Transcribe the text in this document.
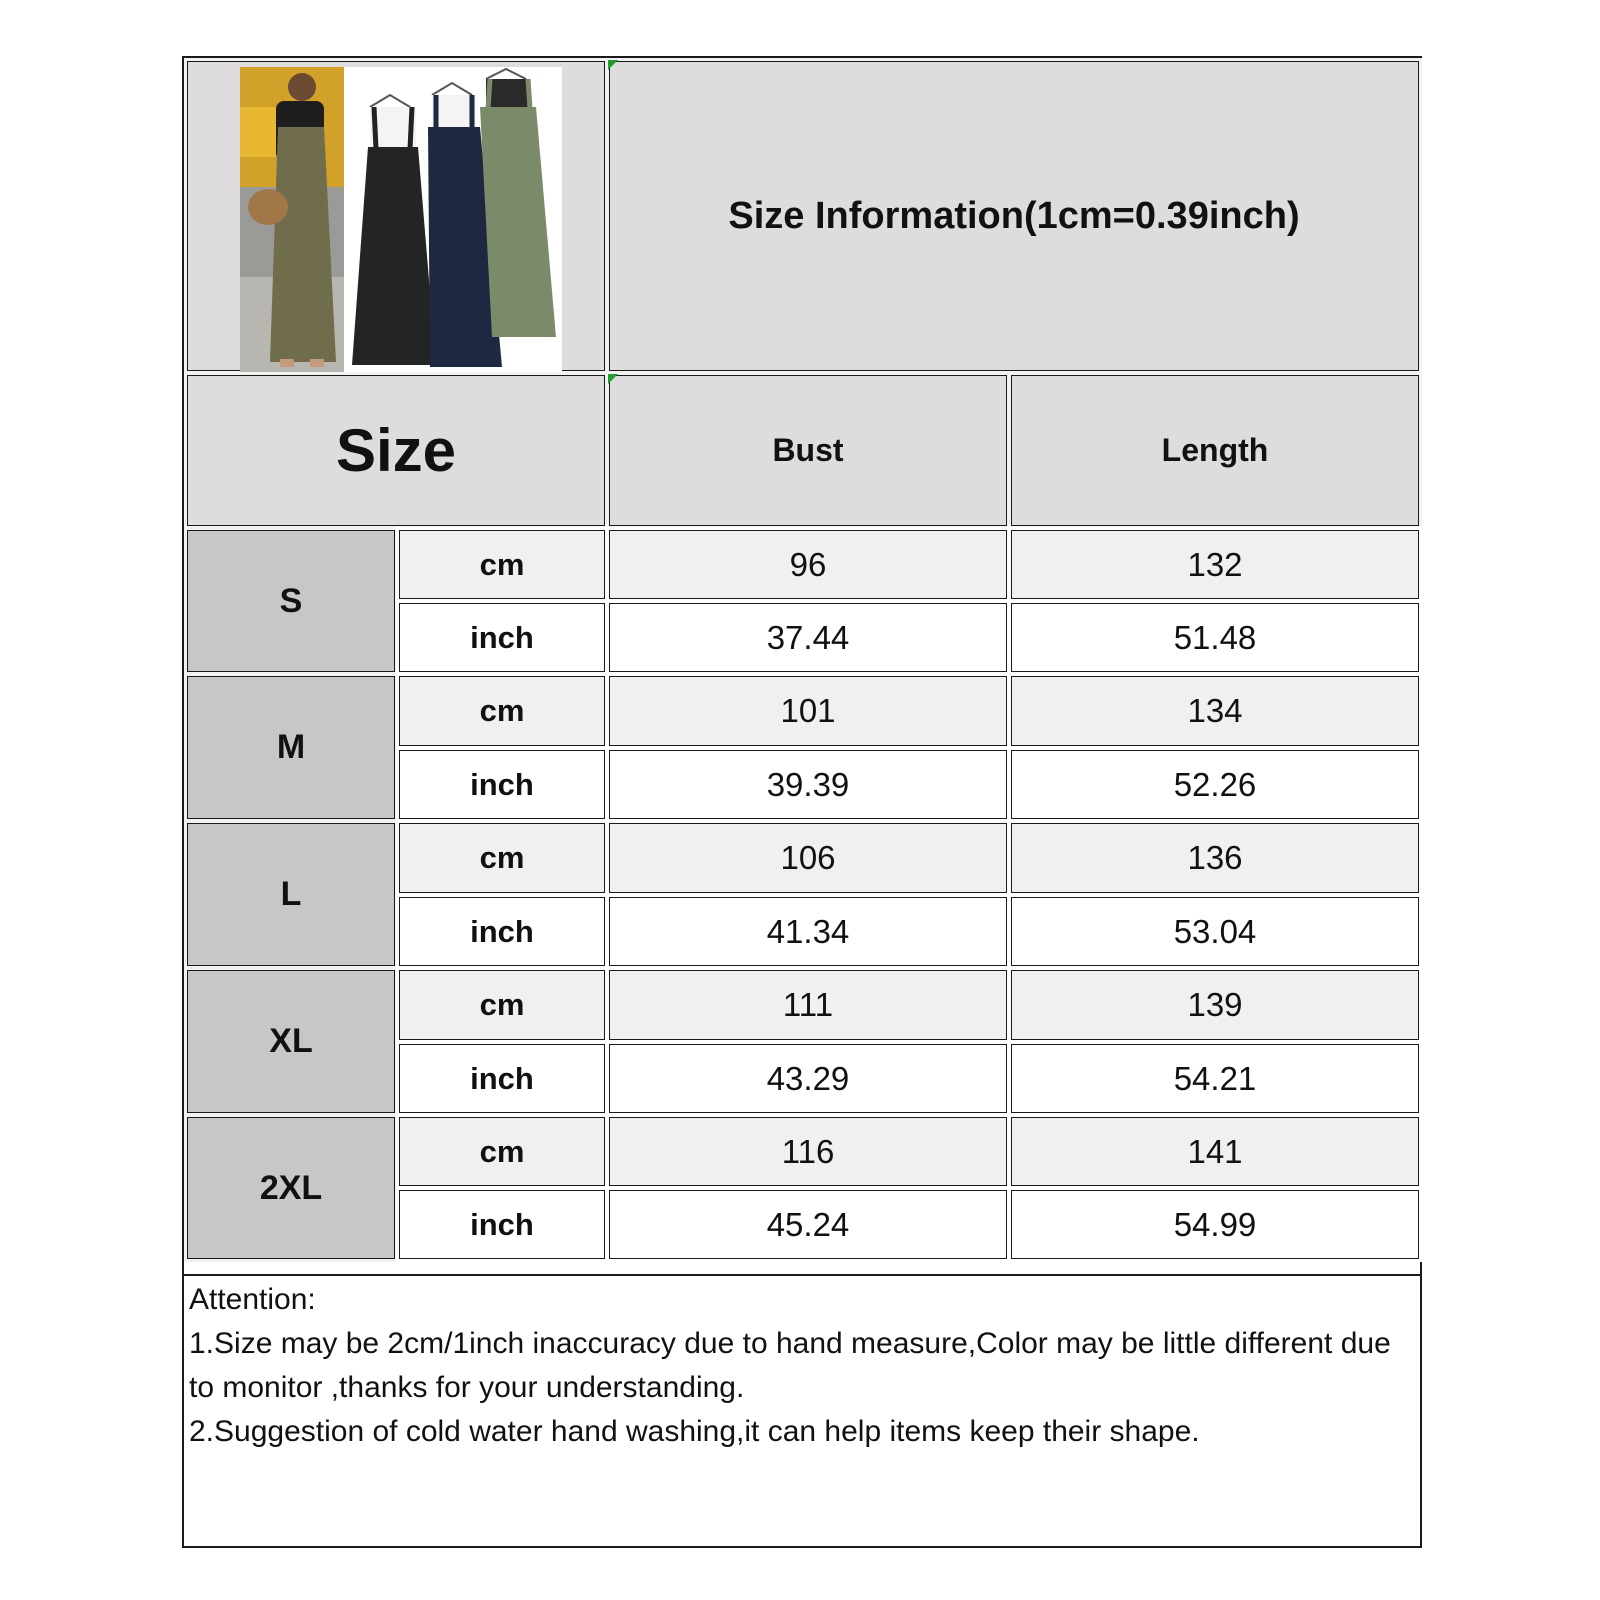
Size Information(1cm=0.39inch)
Size	Bust	Length
S
cm	96	132
inch	37.44	51.48
M
cm	101	134
inch	39.39	52.26
L
cm	106	136
inch	41.34	53.04
XL
cm	111	139
inch	43.29	54.21
2XL
cm	116	141
inch	45.24	54.99
Attention:
1.Size may be 2cm/1inch inaccuracy due to hand measure,Color may be little different due to monitor ,thanks for your understanding.
2.Suggestion of cold water hand washing,it can help items keep their shape.
